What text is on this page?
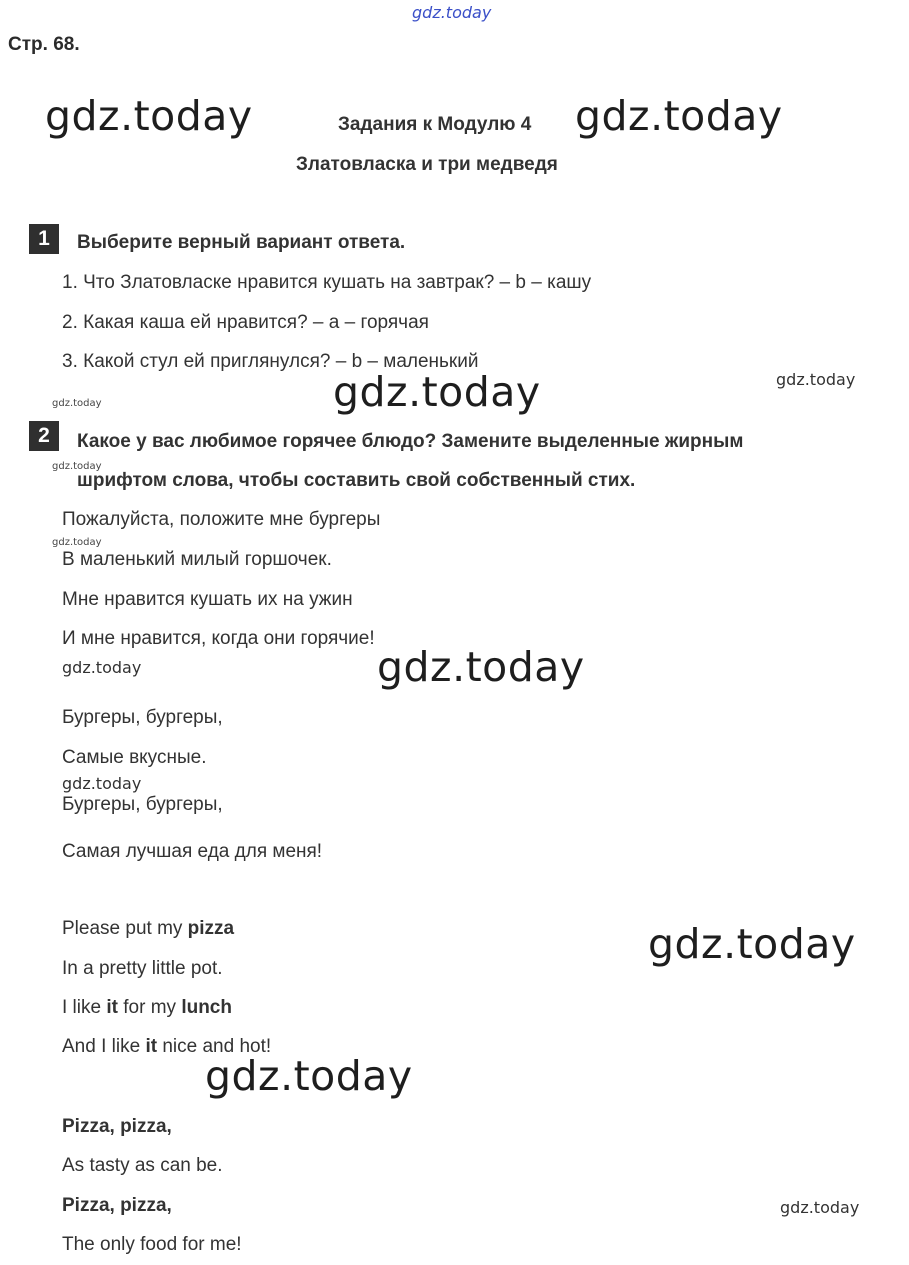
gdz.today
gdz.today	gdz.today
gdz.today
gdz.today
gdz.today
gdz.today
gdz.today
gdz.today
gdz.today
gdz.today
gdz.today
gdz.today
gdz.today
Стр. 68.
Задания к Модулю 4
Златовласка и три медведя
1	Выберите верный вариант ответа.
1. Что Златовласке нравится кушать на завтрак? – b – кашу
2. Какая каша ей нравится? – a – горячая
3. Какой стул ей приглянулся? – b – маленький
2	Какое у вас любимое горячее блюдо? Замените выделенные жирным
шрифтом слова, чтобы составить свой собственный стих.
Пожалуйста, положите мне бургеры
В маленький милый горшочек.
Мне нравится кушать их на ужин
И мне нравится, когда они горячие!
Бургеры, бургеры,
Самые вкусные.
Бургеры, бургеры,
Самая лучшая еда для меня!
Please put my pizza
In a pretty little pot.
I like it for my lunch
And I like it nice and hot!
Pizza, pizza,
As tasty as can be.
Pizza, pizza,
The only food for me!
